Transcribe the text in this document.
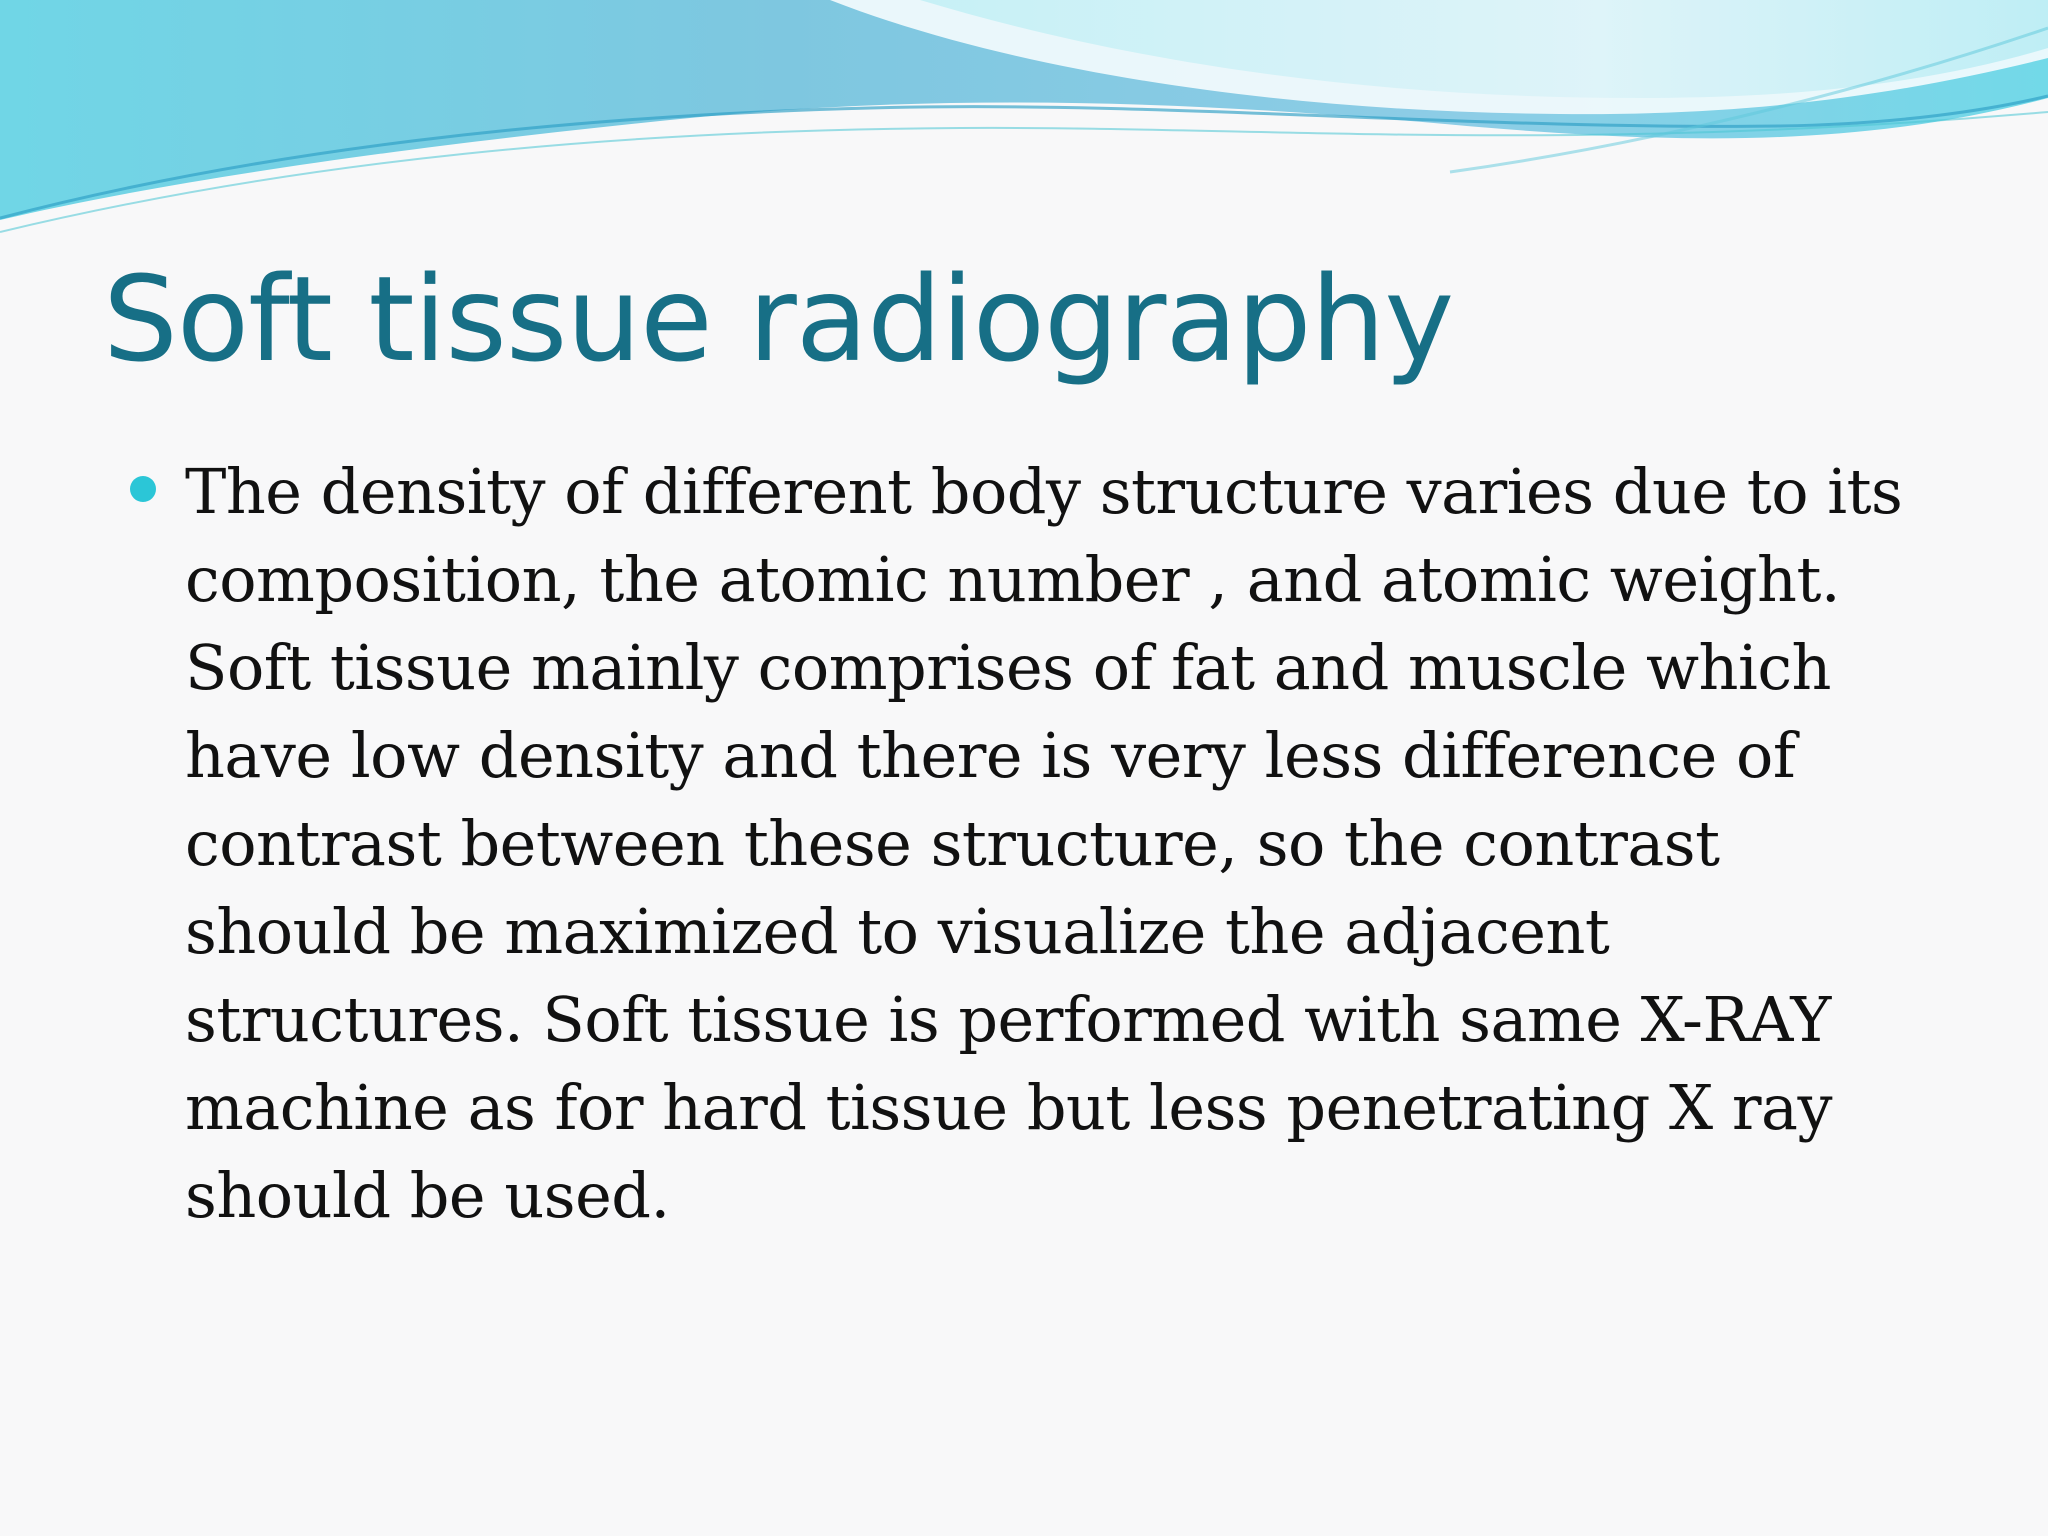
Soft tissue radiography
The density of different body structure varies due to its
composition, the atomic number , and atomic weight.
Soft tissue mainly comprises of fat and muscle which
have low density and there is very less difference of
contrast between these structure, so the contrast
should be maximized to visualize the adjacent
structures. Soft tissue is performed with same X-RAY
machine as for hard tissue but less penetrating X ray
should be used.
